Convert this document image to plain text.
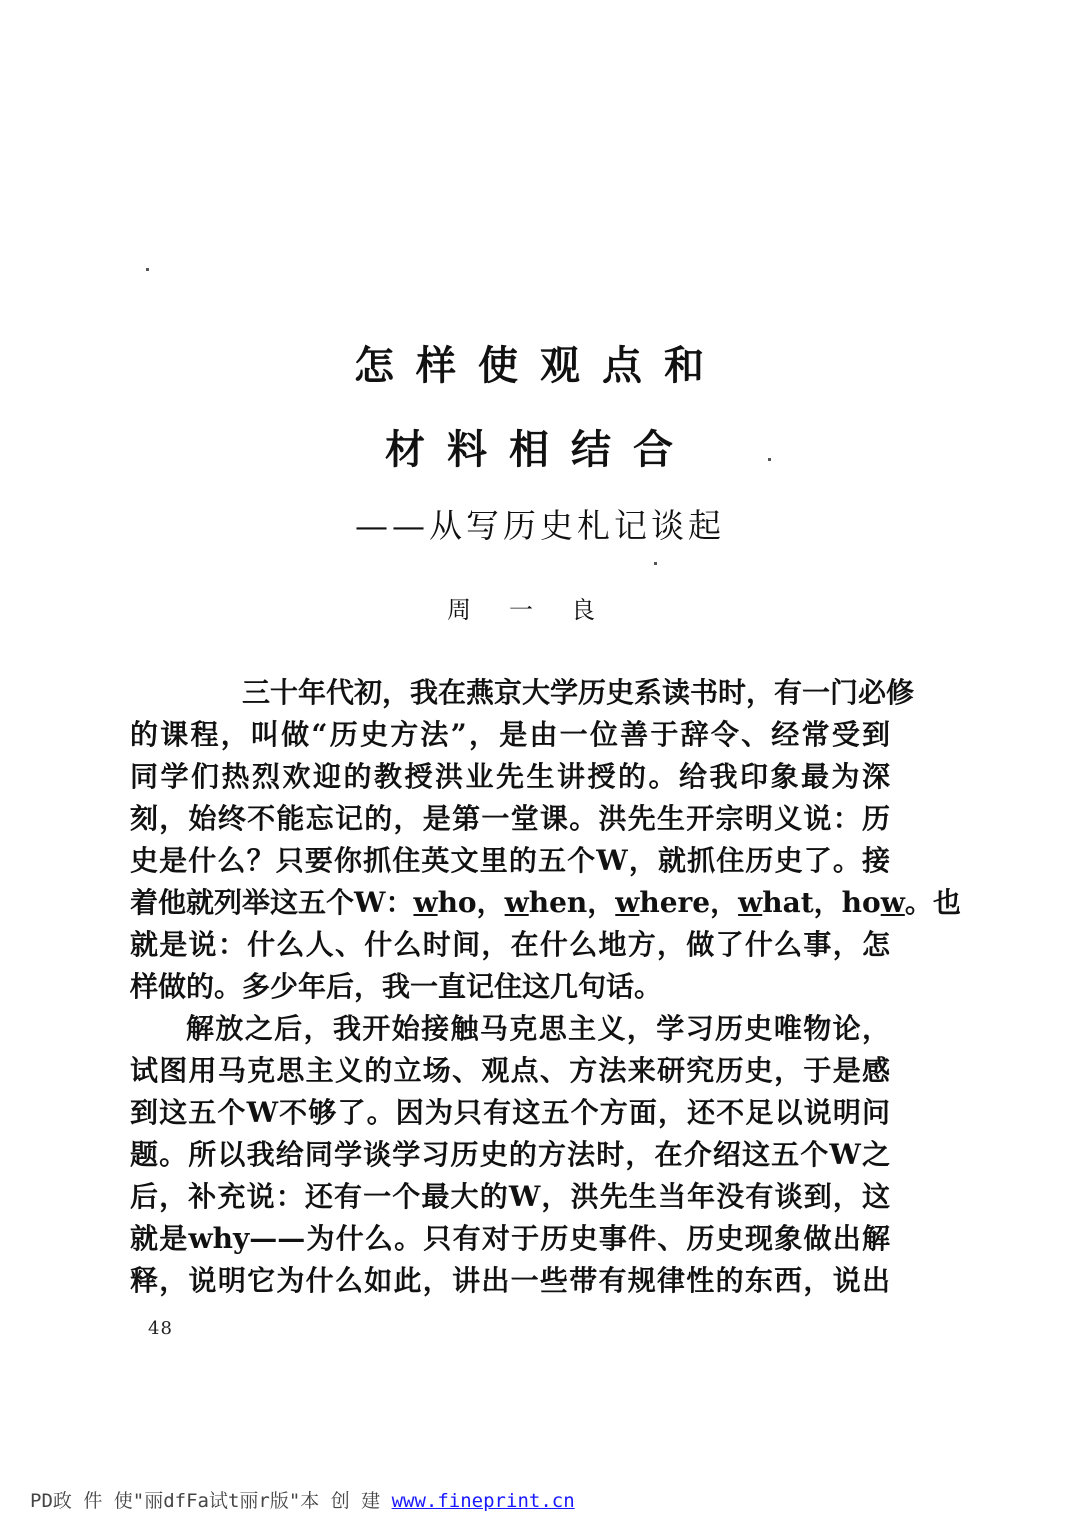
怎样使观点和
材料相结合
——从写历史札记谈起
周一良
三十年代初，我在燕京大学历史系读书时，有一门必修
的课程，叫做“历史方法”，是由一位善于辞令、经常受到
同学们热烈欢迎的教授洪业先生讲授的。给我印象最为深
刻，始终不能忘记的，是第一堂课。洪先生开宗明义说：历
史是什么？只要你抓住英文里的五个W，就抓住历史了。接
着他就列举这五个W：who，when，where，what，how。也
就是说：什么人、什么时间，在什么地方，做了什么事，怎
样做的。多少年后，我一直记住这几句话。
解放之后，我开始接触马克思主义，学习历史唯物论，
试图用马克思主义的立场、观点、方法来研究历史，于是感
到这五个W不够了。因为只有这五个方面，还不足以说明问
题。所以我给同学谈学习历史的方法时，在介绍这五个W之
后，补充说：还有一个最大的W，洪先生当年没有谈到，这
就是why——为什么。只有对于历史事件、历史现象做出解
释，说明它为什么如此，讲出一些带有规律性的东西，说出
48
PD政 件 使"丽dfFa试t丽r版"本 创 建 www.fineprint.cn
